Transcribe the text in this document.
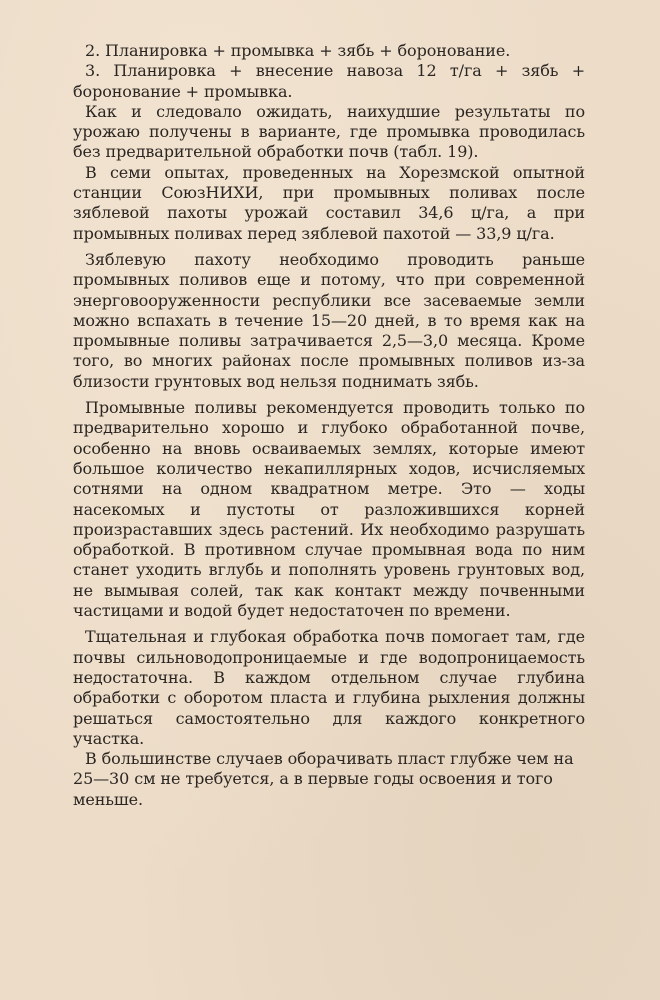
2. Планировка + промывка + зябь + боронование.

3. Планировка + внесение навоза 12 т/га + зябь + боронование + промывка.

Как и следовало ожидать, наихудшие результаты по урожаю получены в варианте, где промывка проводилась без предварительной обработки почв (табл. 19).

В семи опытах, проведенных на Хорезмской опытной станции СоюзНИХИ, при промывных поливах после зяблевой пахоты урожай составил 34,6 ц/га, а при промывных поливах перед зяблевой пахотой — 33,9 ц/га.

Зяблевую пахоту необходимо проводить раньше промывных поливов еще и потому, что при современной энерговооруженности республики все засеваемые земли можно вспахать в течение 15—20 дней, в то время как на промывные поливы затрачивается 2,5—3,0 месяца. Кроме того, во многих районах после промывных поливов из-за близости грунтовых вод нельзя поднимать зябь.

Промывные поливы рекомендуется проводить только по предварительно хорошо и глубоко обработанной почве, особенно на вновь осваиваемых землях, которые имеют большое количество некапиллярных ходов, исчисляемых сотнями на одном квадратном метре. Это — ходы насекомых и пустоты от разложившихся корней произраставших здесь растений. Их необходимо разрушать обработкой. В противном случае промывная вода по ним станет уходить вглубь и пополнять уровень грунтовых вод, не вымывая солей, так как контакт между почвенными частицами и водой будет недостаточен по времени.

Тщательная и глубокая обработка почв помогает там, где почвы сильноводопроницаемые и где водопроницаемость недостаточна. В каждом отдельном случае глубина обработки с оборотом пласта и глубина рыхления должны решаться самостоятельно для каждого конкретного участка.

В большинстве случаев оборачивать пласт глубже чем на 25—30 см не требуется, а в первые годы освоения и того меньше.
